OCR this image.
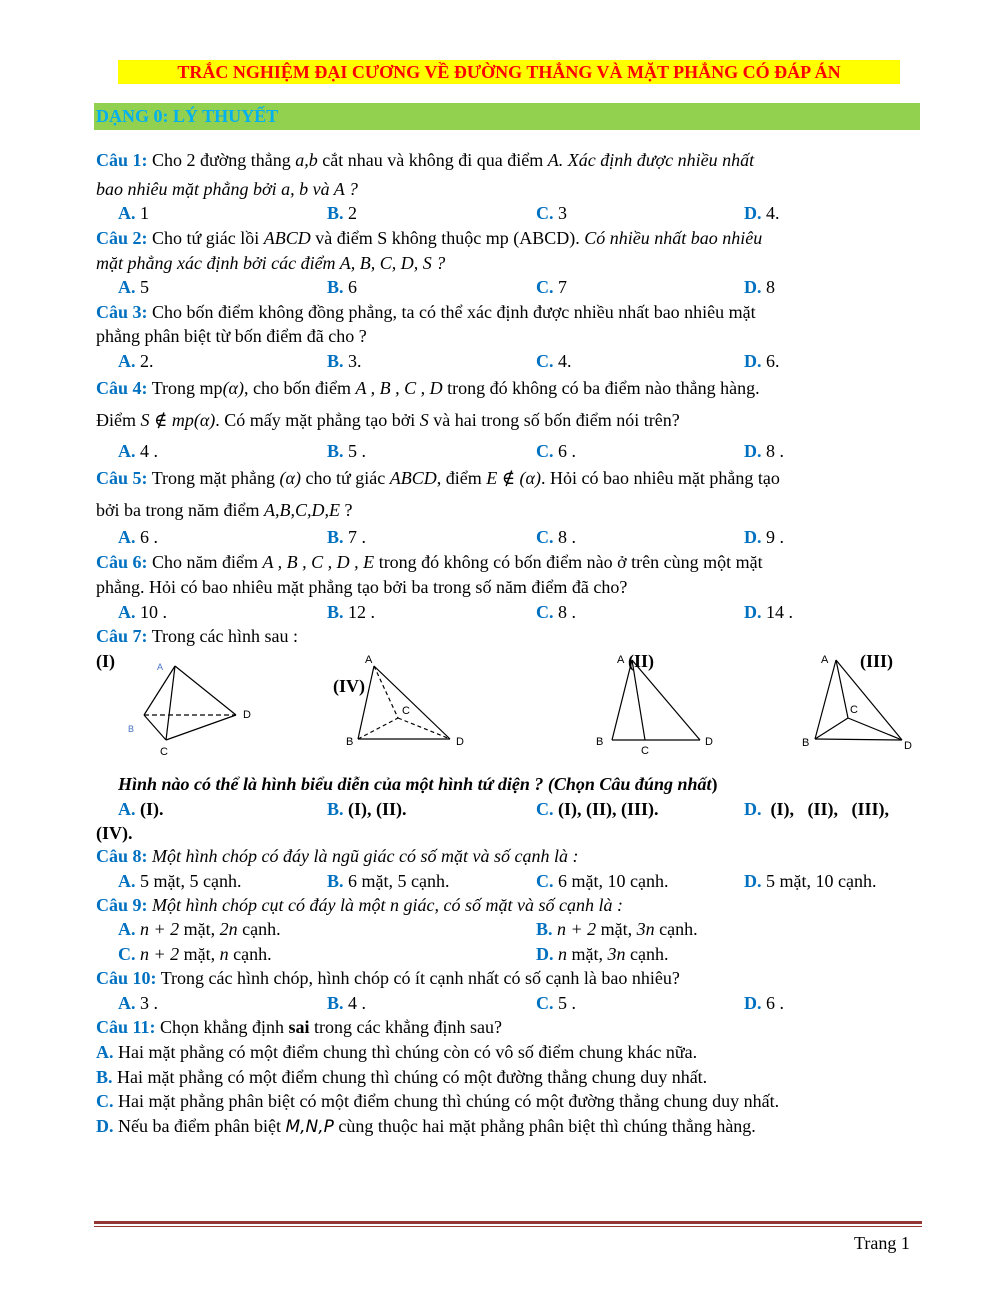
TRẮC NGHIỆM ĐẠI CƯƠNG VỀ ĐƯỜNG THẲNG VÀ MẶT PHẲNG CÓ ĐÁP ÁN
DẠNG 0: LÝ THUYẾT
Câu 1: Cho 2 đường thẳng a,b cắt nhau và không đi qua điểm A. Xác định được nhiều nhất
bao nhiêu mặt phẳng bởi a, b và A ?
A. 1	B. 2	C. 3	D. 4.
Câu 2: Cho tứ giác lồi ABCD và điểm S không thuộc mp (ABCD). Có nhiều nhất bao nhiêu
mặt phẳng xác định bởi các điểm A, B, C, D, S ?
A. 5	B. 6	C. 7	D. 8
Câu 3: Cho bốn điểm không đồng phẳng, ta có thể xác định được nhiều nhất bao nhiêu mặt
phẳng phân biệt từ bốn điểm đã cho ?
A. 2.	B. 3.	C. 4.	D. 6.
Câu 4: Trong mp(α), cho bốn điểm A , B , C , D trong đó không có ba điểm nào thẳng hàng.
Điểm S ∉ mp(α). Có mấy mặt phẳng tạo bởi S và hai trong số bốn điểm nói trên?
A. 4 .	B. 5 .	C. 6 .	D. 8 .
Câu 5: Trong mặt phẳng (α) cho tứ giác ABCD, điểm E ∉ (α). Hỏi có bao nhiêu mặt phẳng tạo
bởi ba trong năm điểm A,B,C,D,E ?
A. 6 .	B. 7 .	C. 8 .	D. 9 .
Câu 6: Cho năm điểm A , B , C , D , E trong đó không có bốn điểm nào ở trên cùng một mặt
phẳng. Hỏi có bao nhiêu mặt phẳng tạo bởi ba trong số năm điểm đã cho?
A. 10 .	B. 12 .	C. 8 .	D. 14 .
Câu 7: Trong các hình sau :
(I)
(IV)
(II)	(III)
A
B
C
D
A
B
C
D
A
B
C
D
A
B
C
D
Hình nào có thể là hình biểu diễn của một hình tứ diện ? (Chọn Câu đúng nhất)
A. (I).	B. (I), (II).	C. (I), (II), (III).	D.  (I),   (II),   (III),
(IV).
Câu 8: Một hình chóp có đáy là ngũ giác có số mặt và số cạnh là :
A. 5 mặt, 5 cạnh.	B. 6 mặt, 5 cạnh.	C. 6 mặt, 10 cạnh.	D. 5 mặt, 10 cạnh.
Câu 9: Một hình chóp cụt có đáy là một n giác, có số mặt và số cạnh là :
A. n + 2 mặt, 2n cạnh.	B. n + 2 mặt, 3n cạnh.
C. n + 2 mặt, n cạnh.	D. n mặt, 3n cạnh.
Câu 10: Trong các hình chóp, hình chóp có ít cạnh nhất có số cạnh là bao nhiêu?
A. 3 .	B. 4 .	C. 5 .	D. 6 .
Câu 11: Chọn khẳng định sai trong các khẳng định sau?
A. Hai mặt phẳng có một điểm chung thì chúng còn có vô số điểm chung khác nữa.
B. Hai mặt phẳng có một điểm chung thì chúng có một đường thẳng chung duy nhất.
C. Hai mặt phẳng phân biệt có một điểm chung thì chúng có một đường thẳng chung duy nhất.
D. Nếu ba điểm phân biệt M,N,P cùng thuộc hai mặt phẳng phân biệt thì chúng thẳng hàng.
Trang 1
